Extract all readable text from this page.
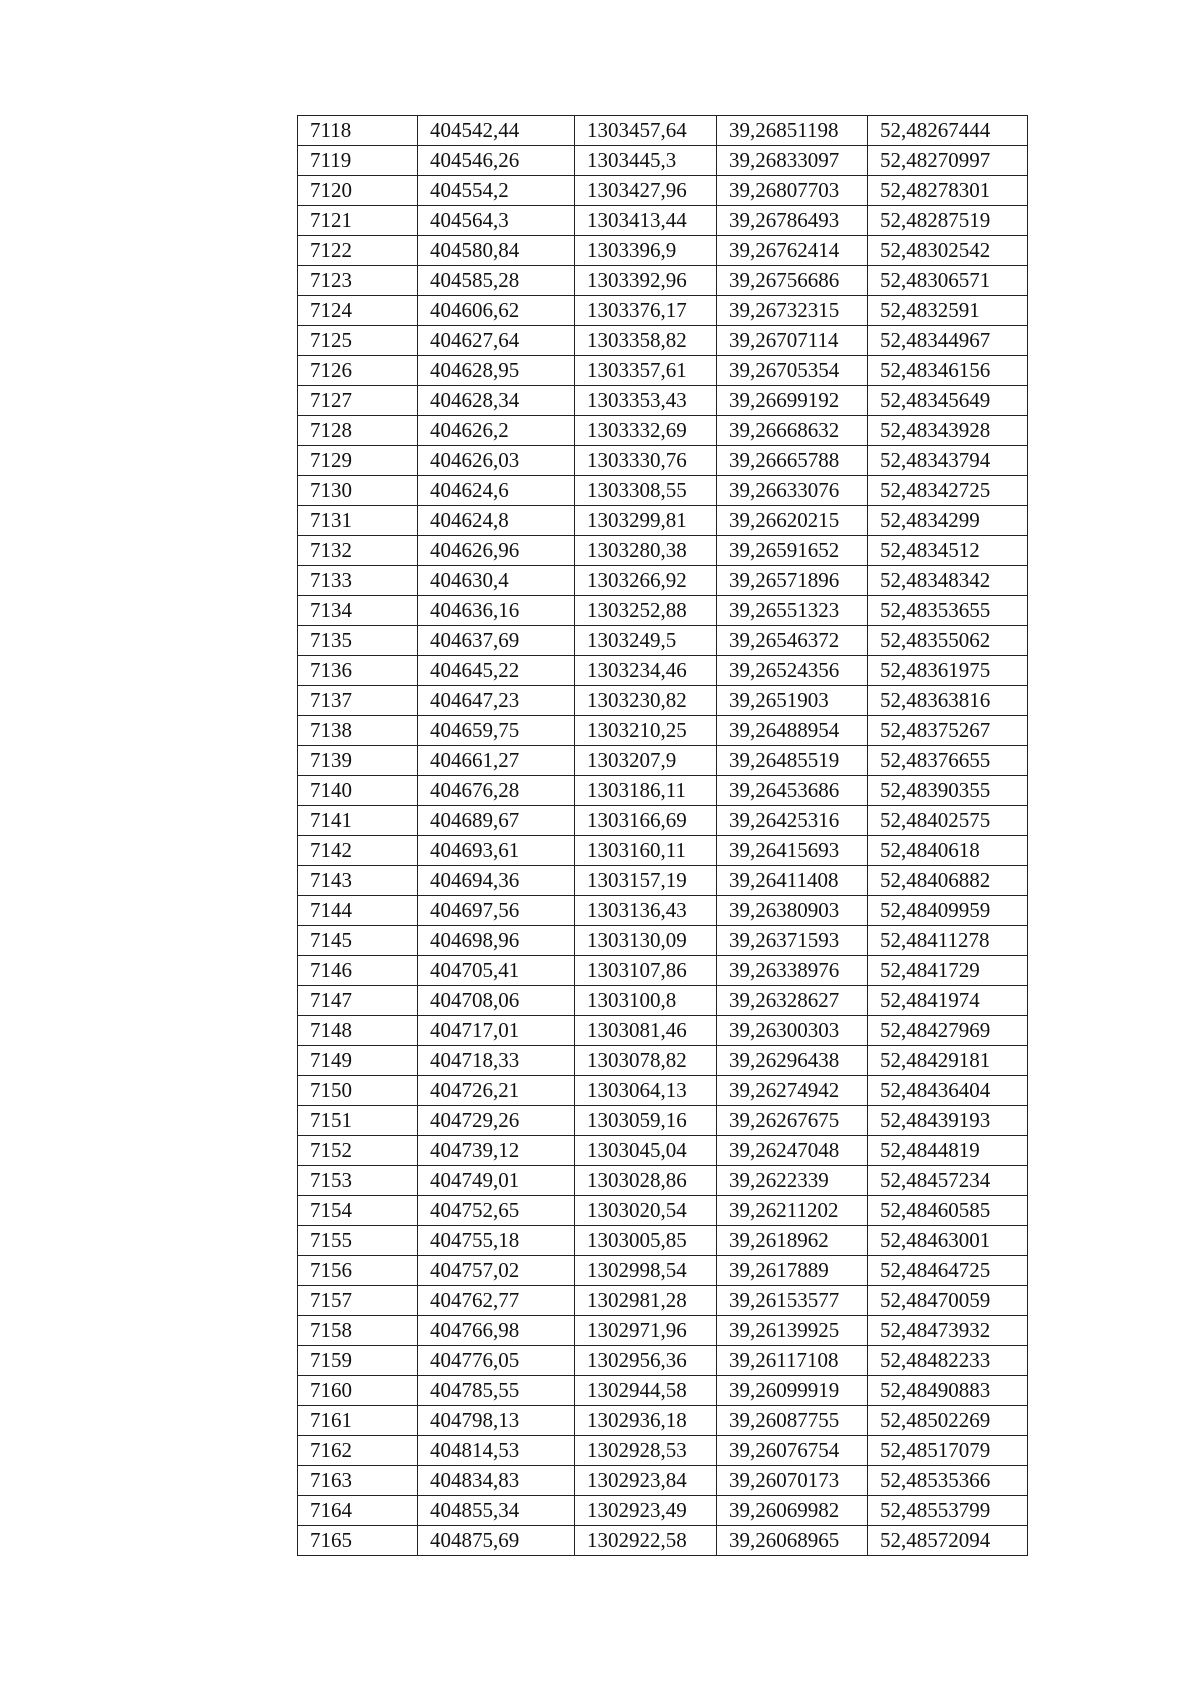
7118	404542,44	1303457,64	39,26851198	52,48267444
7119	404546,26	1303445,3	39,26833097	52,48270997
7120	404554,2	1303427,96	39,26807703	52,48278301
7121	404564,3	1303413,44	39,26786493	52,48287519
7122	404580,84	1303396,9	39,26762414	52,48302542
7123	404585,28	1303392,96	39,26756686	52,48306571
7124	404606,62	1303376,17	39,26732315	52,4832591
7125	404627,64	1303358,82	39,26707114	52,48344967
7126	404628,95	1303357,61	39,26705354	52,48346156
7127	404628,34	1303353,43	39,26699192	52,48345649
7128	404626,2	1303332,69	39,26668632	52,48343928
7129	404626,03	1303330,76	39,26665788	52,48343794
7130	404624,6	1303308,55	39,26633076	52,48342725
7131	404624,8	1303299,81	39,26620215	52,4834299
7132	404626,96	1303280,38	39,26591652	52,4834512
7133	404630,4	1303266,92	39,26571896	52,48348342
7134	404636,16	1303252,88	39,26551323	52,48353655
7135	404637,69	1303249,5	39,26546372	52,48355062
7136	404645,22	1303234,46	39,26524356	52,48361975
7137	404647,23	1303230,82	39,2651903	52,48363816
7138	404659,75	1303210,25	39,26488954	52,48375267
7139	404661,27	1303207,9	39,26485519	52,48376655
7140	404676,28	1303186,11	39,26453686	52,48390355
7141	404689,67	1303166,69	39,26425316	52,48402575
7142	404693,61	1303160,11	39,26415693	52,4840618
7143	404694,36	1303157,19	39,26411408	52,48406882
7144	404697,56	1303136,43	39,26380903	52,48409959
7145	404698,96	1303130,09	39,26371593	52,48411278
7146	404705,41	1303107,86	39,26338976	52,4841729
7147	404708,06	1303100,8	39,26328627	52,4841974
7148	404717,01	1303081,46	39,26300303	52,48427969
7149	404718,33	1303078,82	39,26296438	52,48429181
7150	404726,21	1303064,13	39,26274942	52,48436404
7151	404729,26	1303059,16	39,26267675	52,48439193
7152	404739,12	1303045,04	39,26247048	52,4844819
7153	404749,01	1303028,86	39,2622339	52,48457234
7154	404752,65	1303020,54	39,26211202	52,48460585
7155	404755,18	1303005,85	39,2618962	52,48463001
7156	404757,02	1302998,54	39,2617889	52,48464725
7157	404762,77	1302981,28	39,26153577	52,48470059
7158	404766,98	1302971,96	39,26139925	52,48473932
7159	404776,05	1302956,36	39,26117108	52,48482233
7160	404785,55	1302944,58	39,26099919	52,48490883
7161	404798,13	1302936,18	39,26087755	52,48502269
7162	404814,53	1302928,53	39,26076754	52,48517079
7163	404834,83	1302923,84	39,26070173	52,48535366
7164	404855,34	1302923,49	39,26069982	52,48553799
7165	404875,69	1302922,58	39,26068965	52,48572094
